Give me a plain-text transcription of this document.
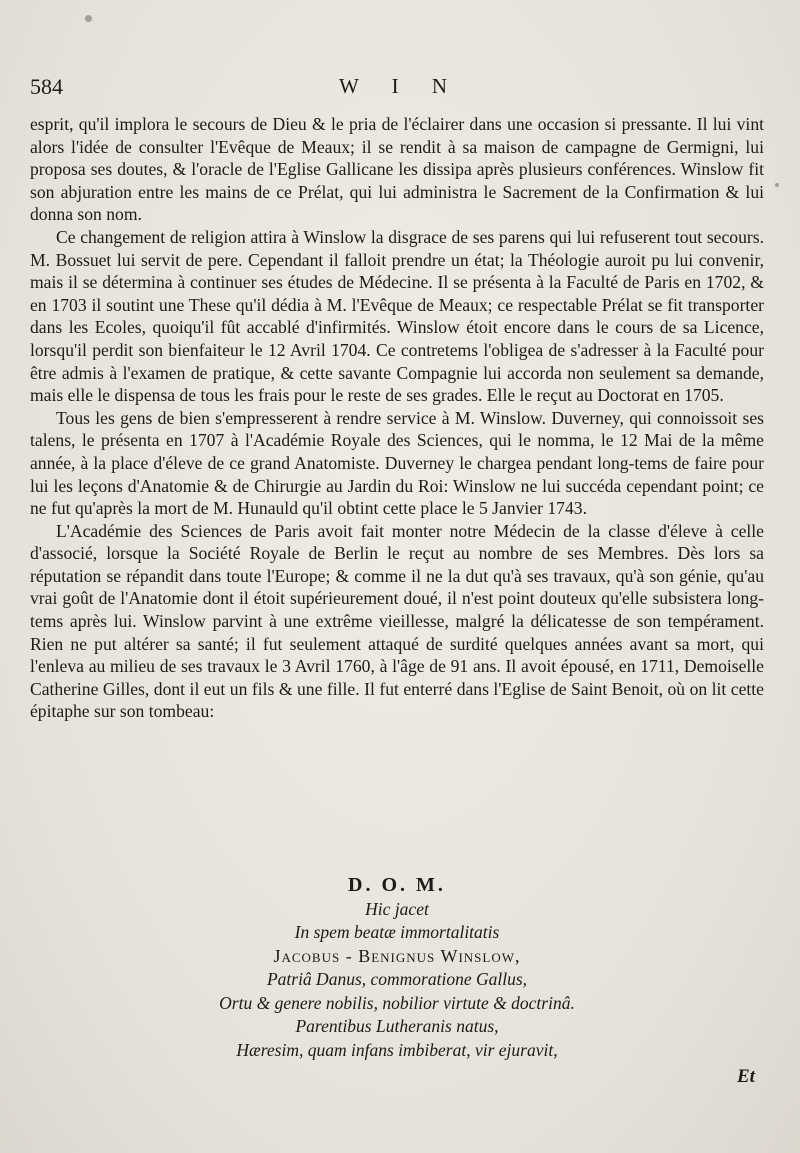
584	W I N

esprit, qu'il implora le secours de Dieu & le pria de l'éclairer dans une occasion si pressante. Il lui vint alors l'idée de consulter l'Evêque de Meaux; il se rendit à sa maison de campagne de Germigni, lui proposa ses doutes, & l'oracle de l'Eglise Gallicane les dissipa après plusieurs conférences. Winslow fit son abjuration entre les mains de ce Prélat, qui lui administra le Sacrement de la Confirmation & lui donna son nom.

Ce changement de religion attira à Winslow la disgrace de ses parens qui lui refuserent tout secours. M. Bossuet lui servit de pere. Cependant il falloit prendre un état; la Théologie auroit pu lui convenir, mais il se détermina à continuer ses études de Médecine. Il se présenta à la Faculté de Paris en 1702, & en 1703 il soutint une These qu'il dédia à M. l'Evêque de Meaux; ce respectable Prélat se fit transporter dans les Ecoles, quoiqu'il fût accablé d'infirmités. Winslow étoit encore dans le cours de sa Licence, lorsqu'il perdit son bienfaiteur le 12 Avril 1704. Ce contretems l'obligea de s'adresser à la Faculté pour être admis à l'examen de pratique, & cette savante Compagnie lui accorda non seulement sa demande, mais elle le dispensa de tous les frais pour le reste de ses grades. Elle le reçut au Doctorat en 1705.

Tous les gens de bien s'empresserent à rendre service à M. Winslow. Duverney, qui connoissoit ses talens, le présenta en 1707 à l'Académie Royale des Sciences, qui le nomma, le 12 Mai de la même année, à la place d'éleve de ce grand Anatomiste. Duverney le chargea pendant long-tems de faire pour lui les leçons d'Anatomie & de Chirurgie au Jardin du Roi: Winslow ne lui succéda cependant point; ce ne fut qu'après la mort de M. Hunauld qu'il obtint cette place le 5 Janvier 1743.

L'Académie des Sciences de Paris avoit fait monter notre Médecin de la classe d'éleve à celle d'associé, lorsque la Société Royale de Berlin le reçut au nombre de ses Membres. Dès lors sa réputation se répandit dans toute l'Europe; & comme il ne la dut qu'à ses travaux, qu'à son génie, qu'au vrai goût de l'Anatomie dont il étoit supérieurement doué, il n'est point douteux qu'elle subsistera long-tems après lui. Winslow parvint à une extrême vieillesse, malgré la délicatesse de son tempérament. Rien ne put altérer sa santé; il fut seulement attaqué de surdité quelques années avant sa mort, qui l'enleva au milieu de ses travaux le 3 Avril 1760, à l'âge de 91 ans. Il avoit épousé, en 1711, Demoiselle Catherine Gilles, dont il eut un fils & une fille. Il fut enterré dans l'Eglise de Saint Benoit, où on lit cette épitaphe sur son tombeau:

D. O. M.
Hic jacet
In spem beatæ immortalitatis
Jacobus - Benignus Winslow,
Patriâ Danus, commoratione Gallus,
Ortu & genere nobilis, nobilior virtute & doctrinâ.
Parentibus Lutheranis natus,
Hæresim, quam infans imbiberat, vir ejuravit,
Et
